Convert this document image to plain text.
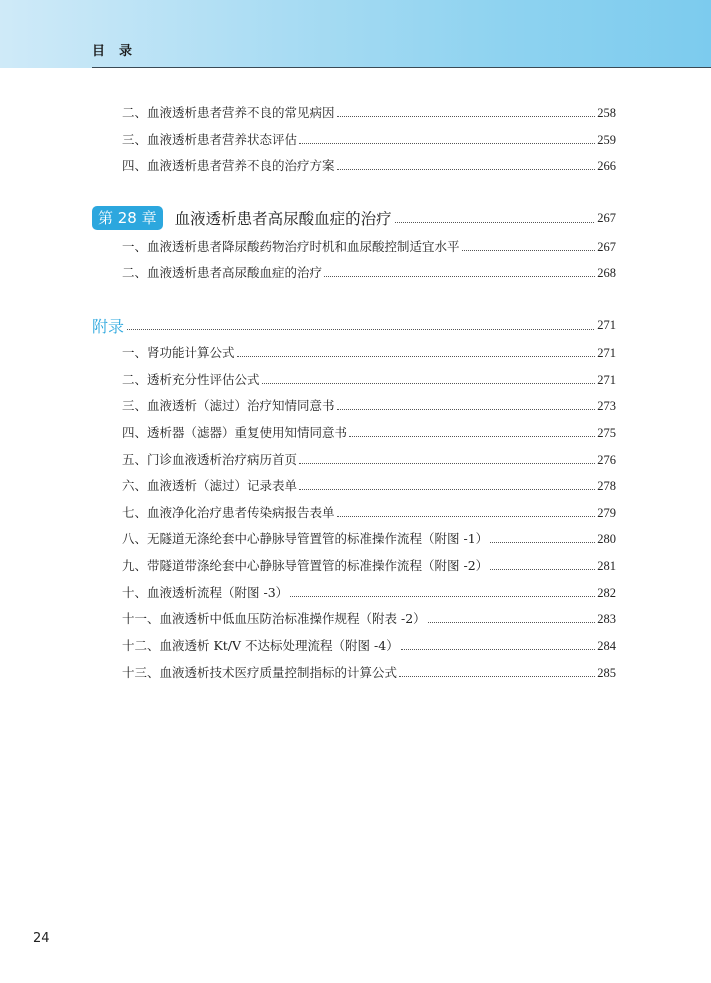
目录
二、血液透析患者营养不良的常见病因	258
三、血液透析患者营养状态评估	259
四、血液透析患者营养不良的治疗方案	266
第 28 章	血液透析患者高尿酸血症的治疗	267
一、血液透析患者降尿酸药物治疗时机和血尿酸控制适宜水平	267
二、血液透析患者高尿酸血症的治疗	268
附录	271
一、肾功能计算公式	271
二、透析充分性评估公式	271
三、血液透析（滤过）治疗知情同意书	273
四、透析器（滤器）重复使用知情同意书	275
五、门诊血液透析治疗病历首页	276
六、血液透析（滤过）记录表单	278
七、血液净化治疗患者传染病报告表单	279
八、无隧道无涤纶套中心静脉导管置管的标准操作流程（附图 -1）	280
九、带隧道带涤纶套中心静脉导管置管的标准操作流程（附图 -2）	281
十、血液透析流程（附图 -3）	282
十一、血液透析中低血压防治标准操作规程（附表 -2）	283
十二、血液透析 Kt/V 不达标处理流程（附图 -4）	284
十三、血液透析技术医疗质量控制指标的计算公式	285
24
